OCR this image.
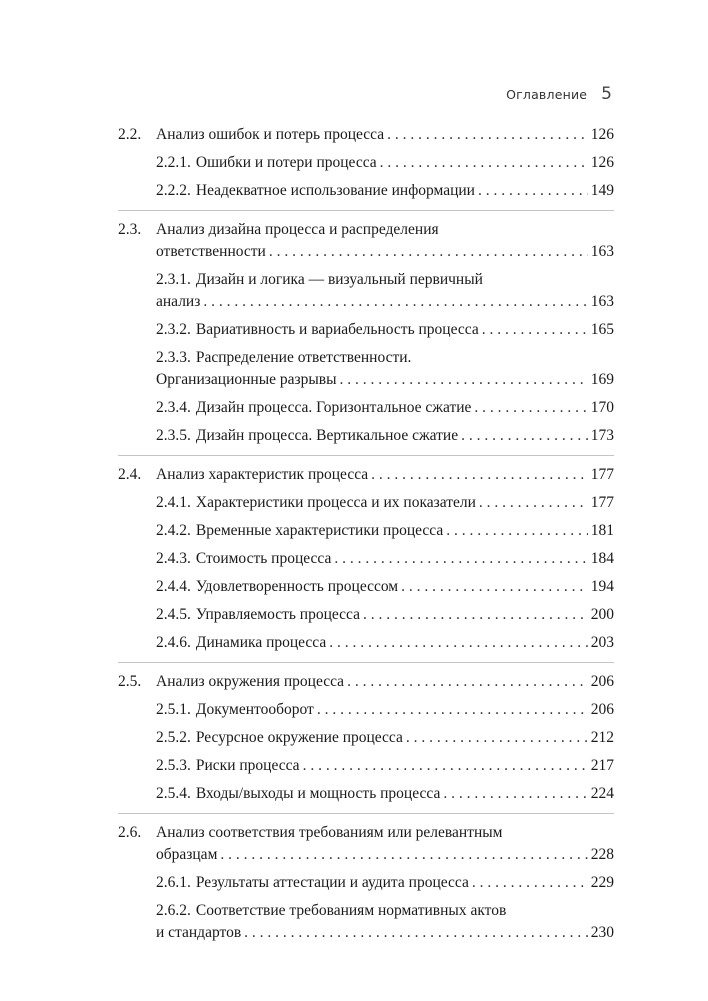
Оглавление 5
2.2. Анализ ошибок и потерь процесса . . .	126
2.2.1. Ошибки и потери процесса . . .	126
2.2.2. Неадекватное использование информации . . .	149
2.3. Анализ дизайна процесса и распределения
ответственности . . .	163
2.3.1. Дизайн и логика — визуальный первичный
анализ . . .	163
2.3.2. Вариативность и вариабельность процесса . . .	165
2.3.3. Распределение ответственности.
Организационные разрывы . . .	169
2.3.4. Дизайн процесса. Горизонтальное сжатие . . .	170
2.3.5. Дизайн процесса. Вертикальное сжатие . . .	173
2.4. Анализ характеристик процесса . . .	177
2.4.1. Характеристики процесса и их показатели . . .	177
2.4.2. Временные характеристики процесса . . .	181
2.4.3. Стоимость процесса . . .	184
2.4.4. Удовлетворенность процессом . . .	194
2.4.5. Управляемость процесса . . .	200
2.4.6. Динамика процесса . . .	203
2.5. Анализ окружения процесса . . .	206
2.5.1. Документооборот . . .	206
2.5.2. Ресурсное окружение процесса . . .	212
2.5.3. Риски процесса . . .	217
2.5.4. Входы/выходы и мощность процесса . . .	224
2.6. Анализ соответствия требованиям или релевантным
образцам . . .	228
2.6.1. Результаты аттестации и аудита процесса . . .	229
2.6.2. Соответствие требованиям нормативных актов
и стандартов . . .	230
